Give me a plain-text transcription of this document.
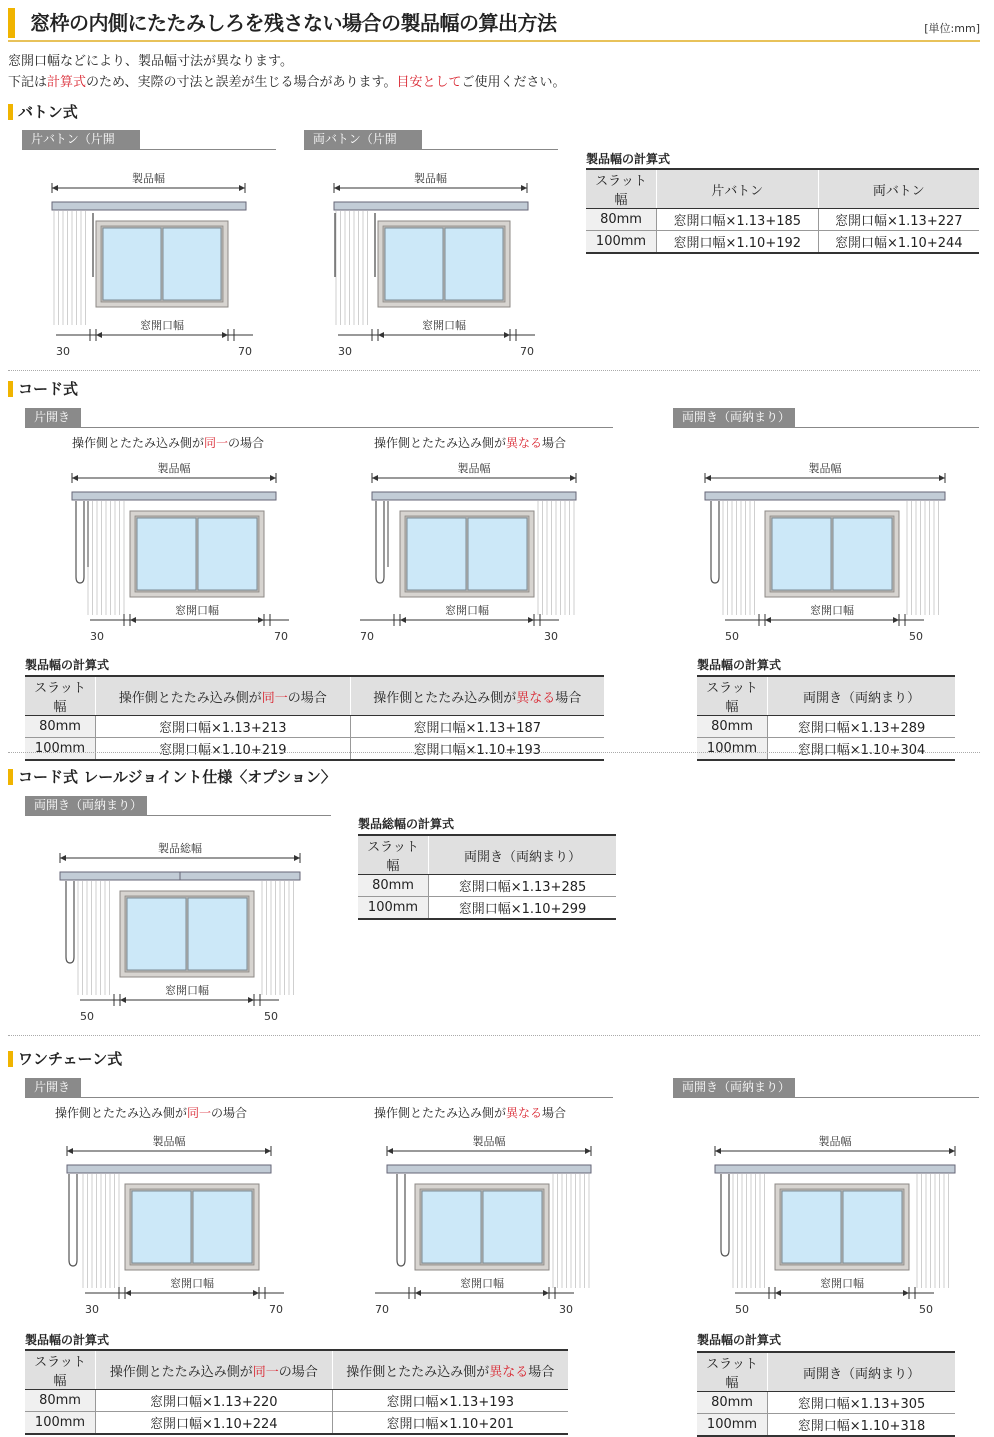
窓枠の内側にたたみしろを残さない場合の製品幅の算出方法	[単位:mm]
窓開口幅などにより、製品幅寸法が異なります。
下記は計算式のため、実際の寸法と誤差が生じる場合があります。目安としてご使用ください。
バトン式
片バトン（片開き）
両バトン（片開き）
製品幅
窓開口幅
30	70
製品幅
窓開口幅
30	70
製品幅の計算式
スラット幅	片バトン	両バトン
80mm	窓開口幅×1.13+185	窓開口幅×1.13+227
100mm	窓開口幅×1.10+192	窓開口幅×1.10+244
コード式
片開き	両開き（両納まり）
操作側とたたみ込み側が同一の場合	操作側とたたみ込み側が異なる場合
製品幅
窓開口幅
30	70
製品幅
窓開口幅
70	30
製品幅
窓開口幅
50	50
製品幅の計算式
スラット幅	操作側とたたみ込み側が同一の場合	操作側とたたみ込み側が異なる場合
80mm	窓開口幅×1.13+213	窓開口幅×1.13+187
100mm	窓開口幅×1.10+219	窓開口幅×1.10+193
製品幅の計算式
スラット幅	両開き（両納まり）
80mm	窓開口幅×1.13+289
100mm	窓開口幅×1.10+304
コード式 レールジョイント仕様〈オプション〉
両開き（両納まり）
製品総幅
窓開口幅
50	50
製品総幅の計算式
スラット幅	両開き（両納まり）
80mm	窓開口幅×1.13+285
100mm	窓開口幅×1.10+299
ワンチェーン式
片開き	両開き（両納まり）
操作側とたたみ込み側が同一の場合	操作側とたたみ込み側が異なる場合
製品幅
窓開口幅
30	70
製品幅
窓開口幅
70	30
製品幅
窓開口幅
50	50
製品幅の計算式
スラット幅	操作側とたたみ込み側が同一の場合	操作側とたたみ込み側が異なる場合
80mm	窓開口幅×1.13+220	窓開口幅×1.13+193
100mm	窓開口幅×1.10+224	窓開口幅×1.10+201
製品幅の計算式
スラット幅	両開き（両納まり）
80mm	窓開口幅×1.13+305
100mm	窓開口幅×1.10+318
